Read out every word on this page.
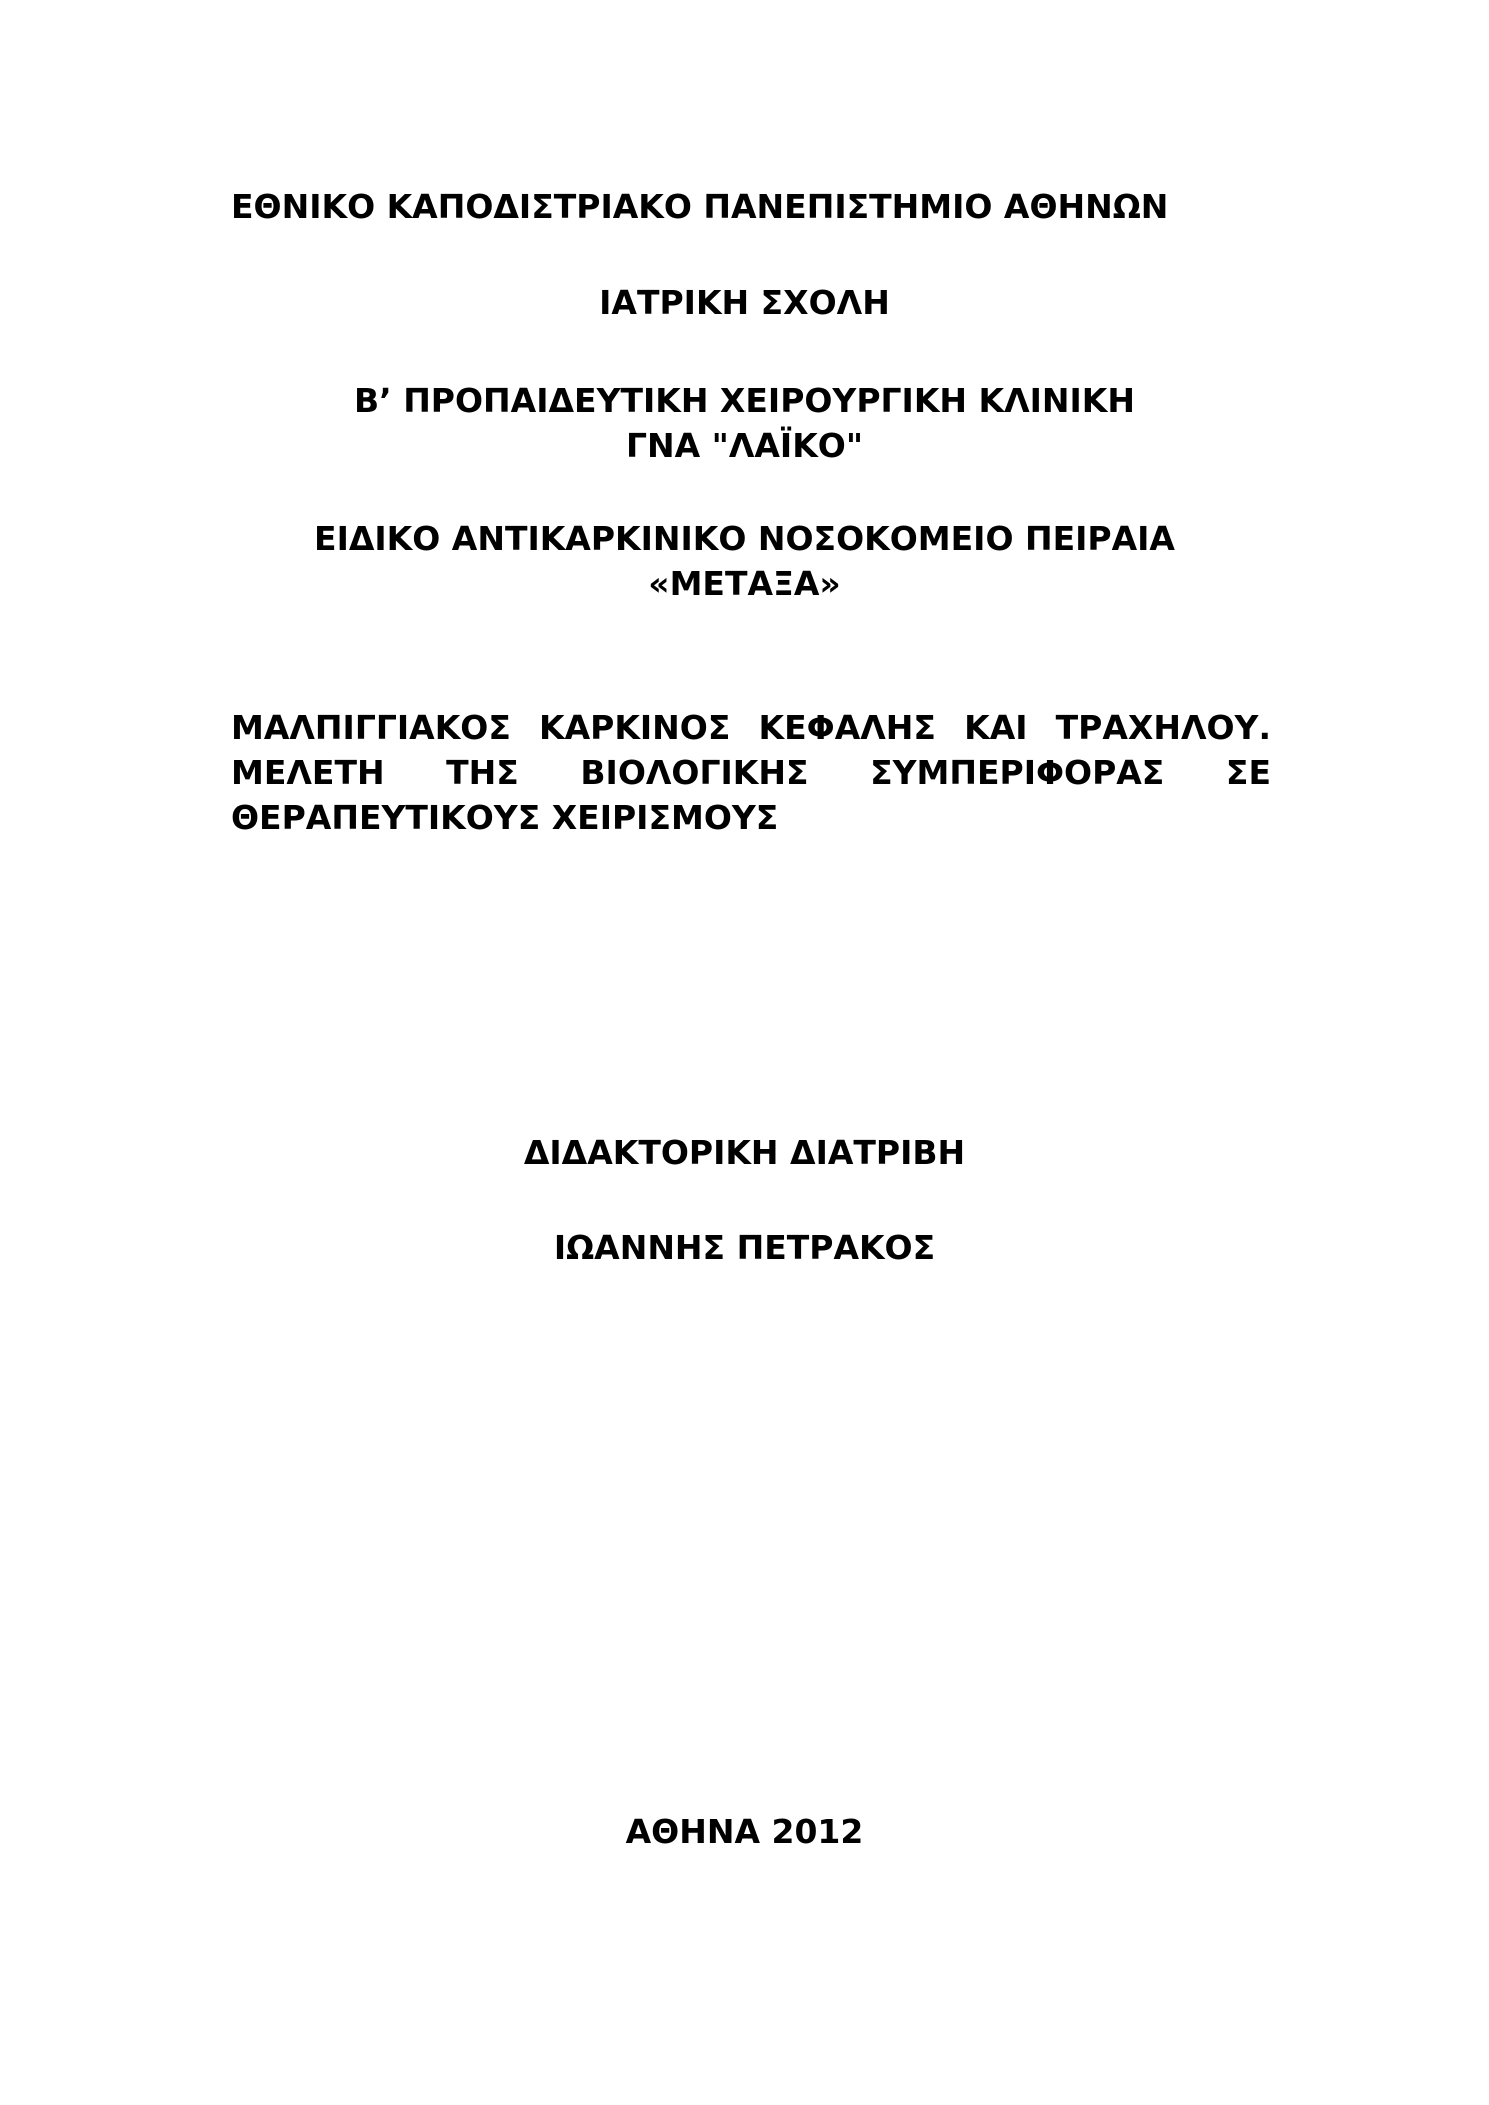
ΕΘΝΙΚΟ ΚΑΠΟΔΙΣΤΡΙΑΚΟ ΠΑΝΕΠΙΣΤΗΜΙΟ ΑΘΗΝΩΝ

ΙΑΤΡΙΚΗ ΣΧΟΛΗ

Β’ ΠΡΟΠΑΙΔΕΥΤΙΚΗ ΧΕΙΡΟΥΡΓΙΚΗ ΚΛΙΝΙΚΗ

ΓΝΑ "ΛΑΪΚΟ"

ΕΙΔΙΚΟ ΑΝΤΙΚΑΡΚΙΝΙΚΟ ΝΟΣΟΚΟΜΕΙΟ ΠΕΙΡΑΙΑ

«ΜΕΤΑΞΑ»

ΜΑΛΠΙΓΓΙΑΚΟΣ ΚΑΡΚΙΝΟΣ ΚΕΦΑΛΗΣ ΚΑΙ ΤΡΑΧΗΛΟΥ.

ΜΕΛΕΤΗ ΤΗΣ ΒΙΟΛΟΓΙΚΗΣ ΣΥΜΠΕΡΙΦΟΡΑΣ ΣΕ

ΘΕΡΑΠΕΥΤΙΚΟΥΣ ΧΕΙΡΙΣΜΟΥΣ

ΔΙΔΑΚΤΟΡΙΚΗ ΔΙΑΤΡΙΒΗ

ΙΩΑΝΝΗΣ ΠΕΤΡΑΚΟΣ

ΑΘΗΝΑ 2012
